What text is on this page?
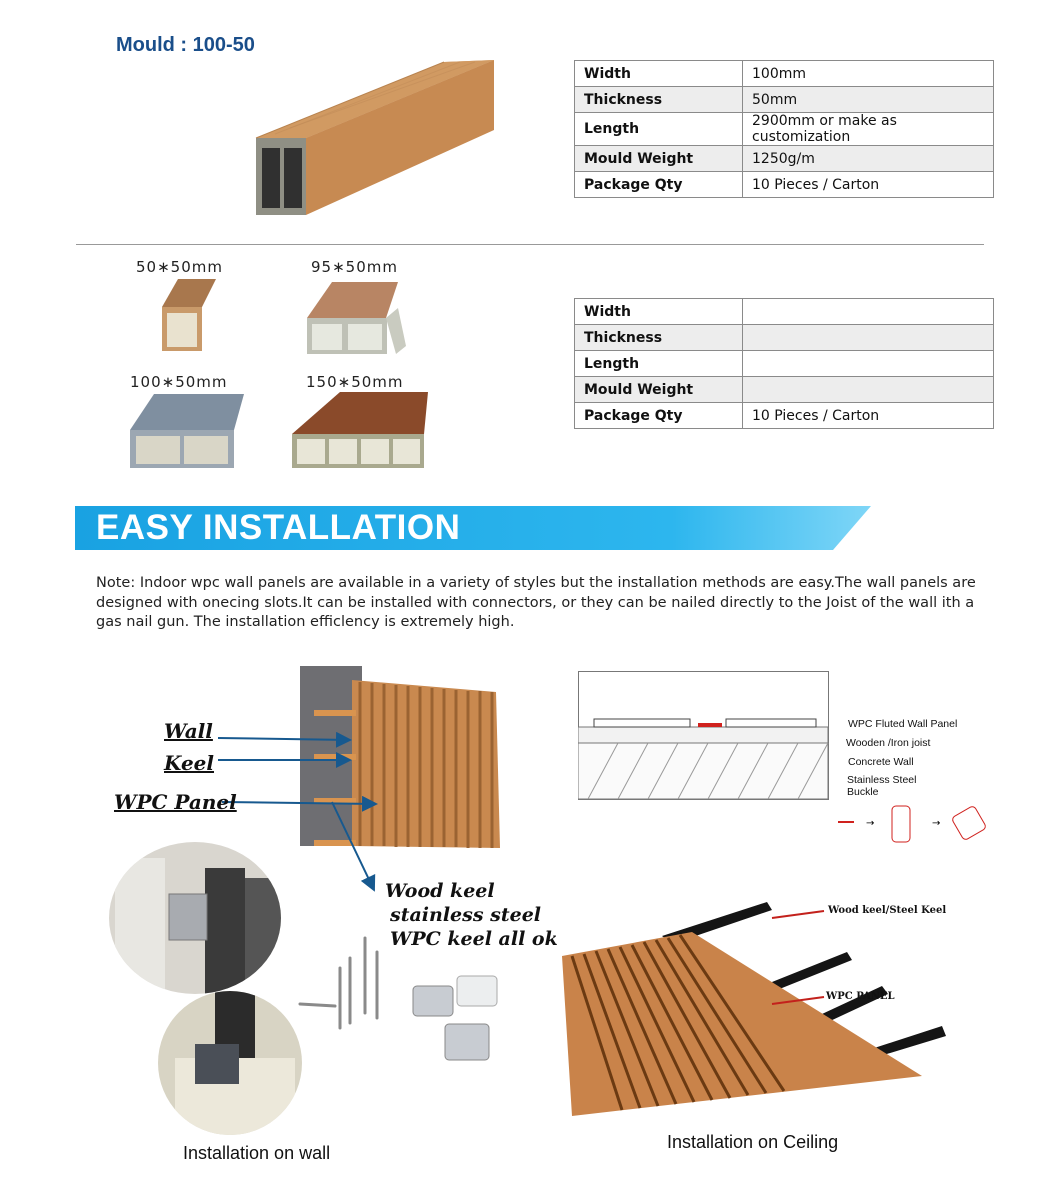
Mould : 100-50
Width	100mm
Thickness	50mm
Length	2900mm or make as customization
Mould Weight	1250g/m
Package Qty	10 Pieces / Carton
50∗50mm	95∗50mm
100∗50mm	150∗50mm
Width	
Thickness	
Length	
Mould Weight	
Package Qty	10 Pieces / Carton
EASY INSTALLATION
Note: Indoor wpc wall panels are available in a variety of styles but the installation methods are easy.The wall panels are designed with onecing slots.It can be installed with connectors, or they can be nailed directly to the Joist of the wall ith a gas nail gun. The installation efficlency is extremely high.
Wall
Keel
WPC Panel
Wood keel
stainless steel
WPC keel all ok
WPC Fluted Wall Panel
Wooden /Iron joist
Concrete Wall
Stainless Steel
Buckle
→	→
Wood keel/Steel Keel
WPC PANEL
Installation on wall
Installation on Ceiling
